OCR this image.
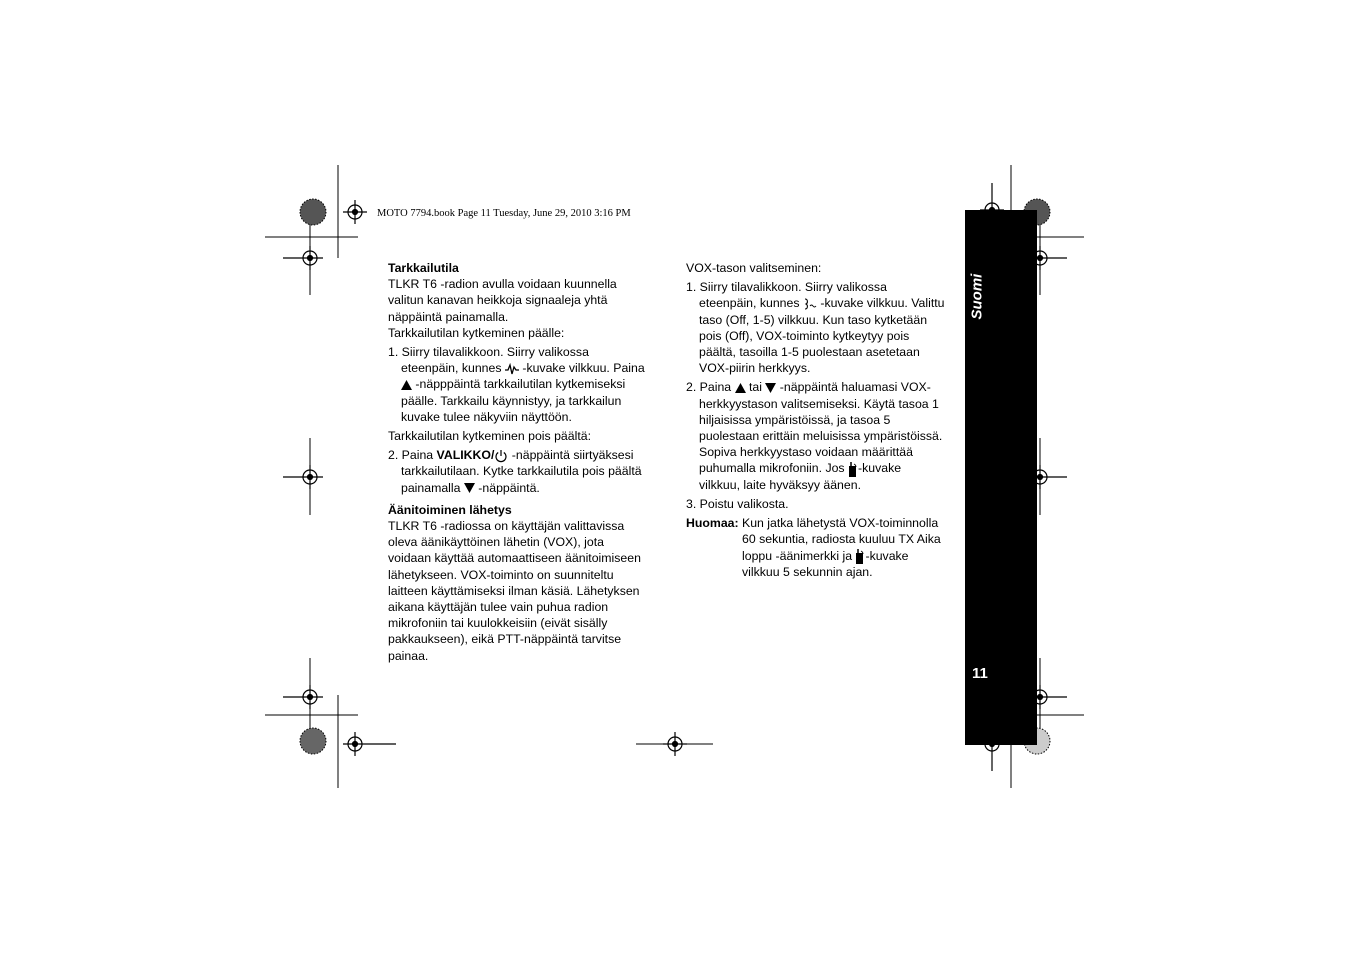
MOTO 7794.book Page 11 Tuesday, June 29, 2010 3:16 PM
Suomi
11

Tarkkailutila

TLKR T6 -radion avulla voidaan kuunnella

valitun kanavan heikkoja signaaleja yhtä

näppäintä painamalla.

Tarkkailutilan kytkeminen päälle:

1. Siirry tilavalikkoon. Siirry valikossa

eteenpäin, kunnes  -kuvake vilkkuu. Paina

-näpppäintä tarkkailutilan kytkemiseksi

päälle. Tarkkailu käynnistyy, ja tarkkailun

kuvake tulee näkyviin näyttöön.

Tarkkailutilan kytkeminen pois päältä:

2. Paina VALIKKO/ -näppäintä siirtyäksesi

tarkkailutilaan. Kytke tarkkailutila pois päältä

painamalla  -näppäintä.

Äänitoiminen lähetys

TLKR T6 -radiossa on käyttäjän valittavissa

oleva äänikäyttöinen lähetin (VOX), jota

voidaan käyttää automaattiseen äänitoimiseen

lähetykseen. VOX-toiminto on suunniteltu

laitteen käyttämiseksi ilman käsiä. Lähetyksen

aikana käyttäjän tulee vain puhua radion

mikrofoniin tai kuulokkeisiin (eivät sisälly

pakkaukseen), eikä PTT-näppäintä tarvitse

painaa.

VOX-tason valitseminen:

1. Siirry tilavalikkoon. Siirry valikossa

eteenpäin, kunnes  -kuvake vilkkuu. Valittu

taso (Off, 1-5) vilkkuu. Kun taso kytketään

pois (Off), VOX-toiminto kytkeytyy pois

päältä, tasoilla 1-5 puolestaan asetetaan

VOX-piirin herkkyys.

2. Paina  tai  -näppäintä haluamasi VOX-

herkkyystason valitsemiseksi. Käytä tasoa 1

hiljaisissa ympäristöissä, ja tasoa 5

puolestaan erittäin meluisissa ympäristöissä.

Sopiva herkkyystaso voidaan määrittää

puhumalla mikrofoniin. Jos -kuvake

vilkkuu, laite hyväksyy äänen.

3. Poistu valikosta.

Huomaa: Kun jatka lähetystä VOX-toiminnolla

60 sekuntia, radiosta kuuluu TX Aika

loppu -äänimerkki ja -kuvake

vilkkuu 5 sekunnin ajan.
